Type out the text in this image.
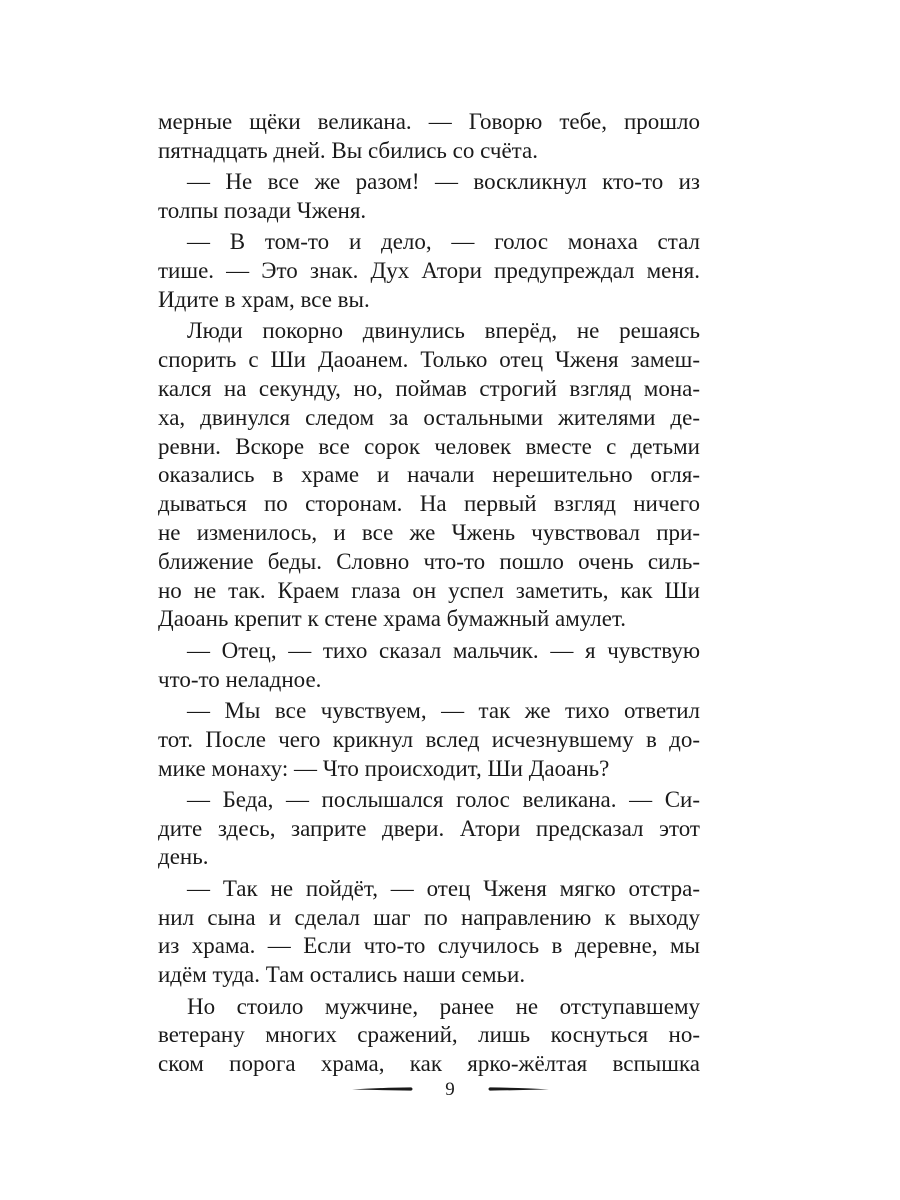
мерные щёки великана. — Говорю тебе, прошло
пятнадцать дней. Вы сбились со счёта.
— Не все же разом! — воскликнул кто-то из
толпы позади Чженя.
— В том-то и дело, — голос монаха стал
тише. — Это знак. Дух Атори предупреждал меня.
Идите в храм, все вы.
Люди покорно двинулись вперёд, не решаясь
спорить с Ши Даоанем. Только отец Чженя замеш-
кался на секунду, но, поймав строгий взгляд мона-
ха, двинулся следом за остальными жителями де-
ревни. Вскоре все сорок человек вместе с детьми
оказались в храме и начали нерешительно огля-
дываться по сторонам. На первый взгляд ничего
не изменилось, и все же Чжень чувствовал при-
ближение беды. Словно что-то пошло очень силь-
но не так. Краем глаза он успел заметить, как Ши
Даоань крепит к стене храма бумажный амулет.
— Отец, — тихо сказал мальчик. — я чувствую
что-то неладное.
— Мы все чувствуем, — так же тихо ответил
тот. После чего крикнул вслед исчезнувшему в до-
мике монаху: — Что происходит, Ши Даоань?
— Беда, — послышался голос великана. — Си-
дите здесь, заприте двери. Атори предсказал этот
день.
— Так не пойдёт, — отец Чженя мягко отстра-
нил сына и сделал шаг по направлению к выходу
из храма. — Если что-то случилось в деревне, мы
идём туда. Там остались наши семьи.
Но стоило мужчине, ранее не отступавшему
ветерану многих сражений, лишь коснуться но-
ском порога храма, как ярко-жёлтая вспышка
9
